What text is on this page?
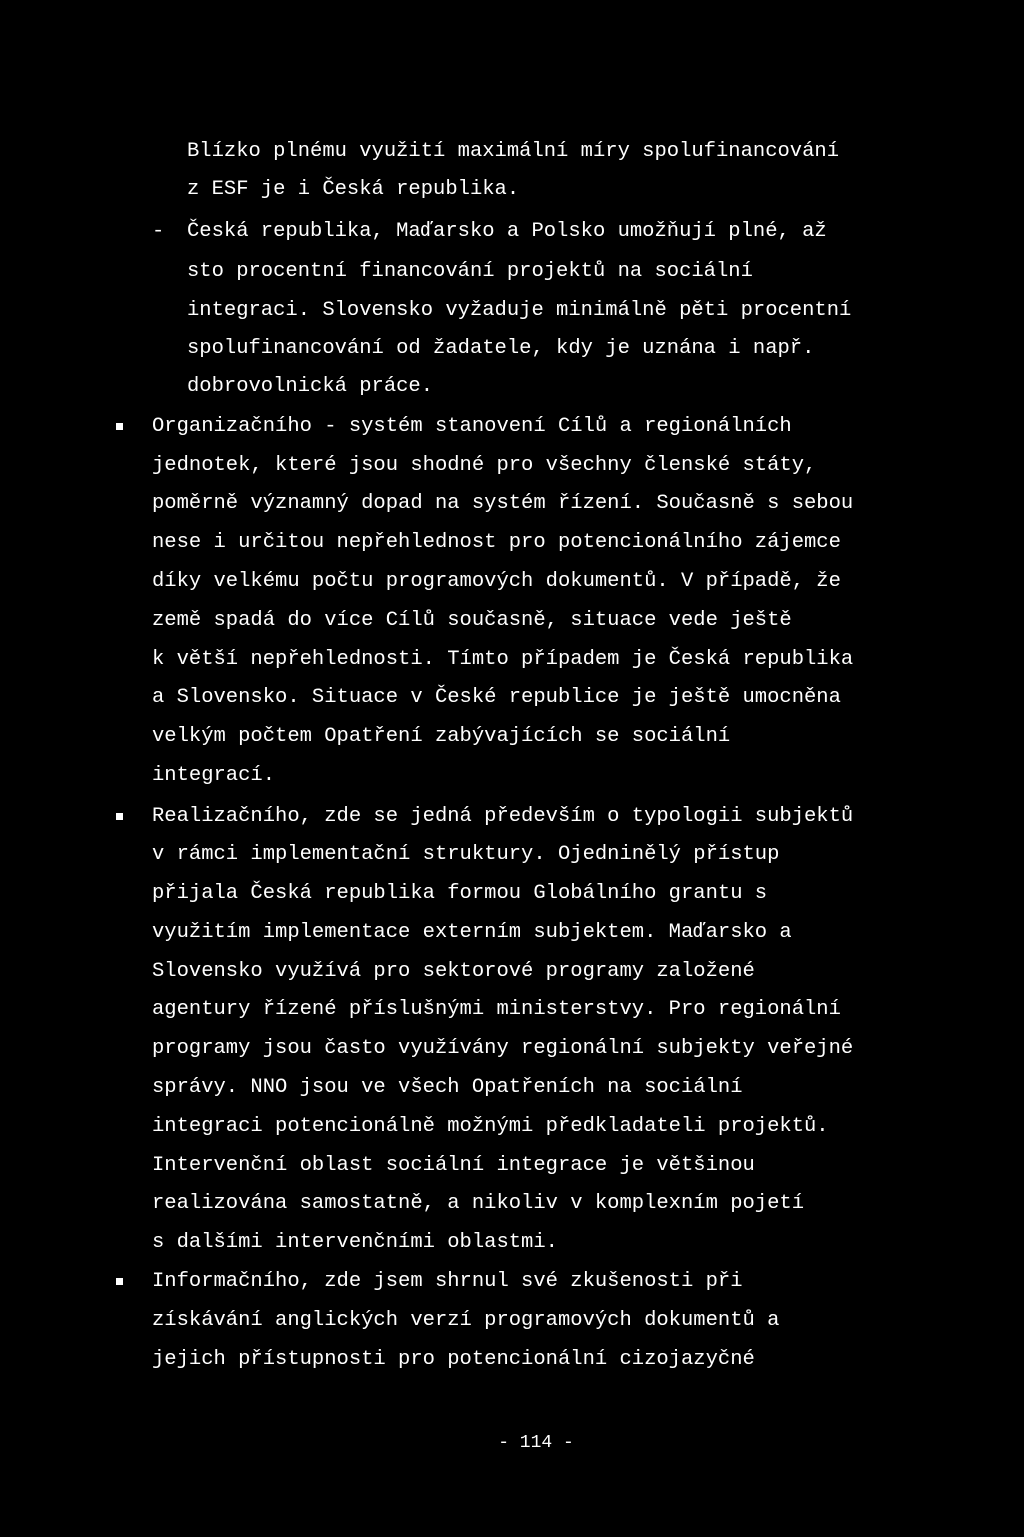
Blízko plnému využití maximální míry spolufinancování
z ESF je i Česká republika.
- Česká republika, Maďarsko a Polsko umožňují plné, až
sto procentní financování projektů na sociální
integraci. Slovensko vyžaduje minimálně pěti procentní
spolufinancování od žadatele, kdy je uznána i např.
dobrovolnická práce.
Organizačního - systém stanovení Cílů a regionálních
jednotek, které jsou shodné pro všechny členské státy,
poměrně významný dopad na systém řízení. Současně s sebou
nese i určitou nepřehlednost pro potencionálního zájemce
díky velkému počtu programových dokumentů. V případě, že
země spadá do více Cílů současně, situace vede ještě
k větší nepřehlednosti. Tímto případem je Česká republika
a Slovensko. Situace v České republice je ještě umocněna
velkým počtem Opatření zabývajících se sociální
integrací.
Realizačního, zde se jedná především o typologii subjektů
v rámci implementační struktury. Ojedninělý přístup
přijala Česká republika formou Globálního grantu s
využitím implementace externím subjektem. Maďarsko a
Slovensko využívá pro sektorové programy založené
agentury řízené příslušnými ministerstvy. Pro regionální
programy jsou často využívány regionální subjekty veřejné
správy. NNO jsou ve všech Opatřeních na sociální
integraci potencionálně možnými předkladateli projektů.
Intervenční oblast sociální integrace je většinou
realizována samostatně, a nikoliv v komplexním pojetí
s dalšími intervenčními oblastmi.
Informačního, zde jsem shrnul své zkušenosti při
získávání anglických verzí programových dokumentů a
jejich přístupnosti pro potencionální cizojazyčné
- 114 -
